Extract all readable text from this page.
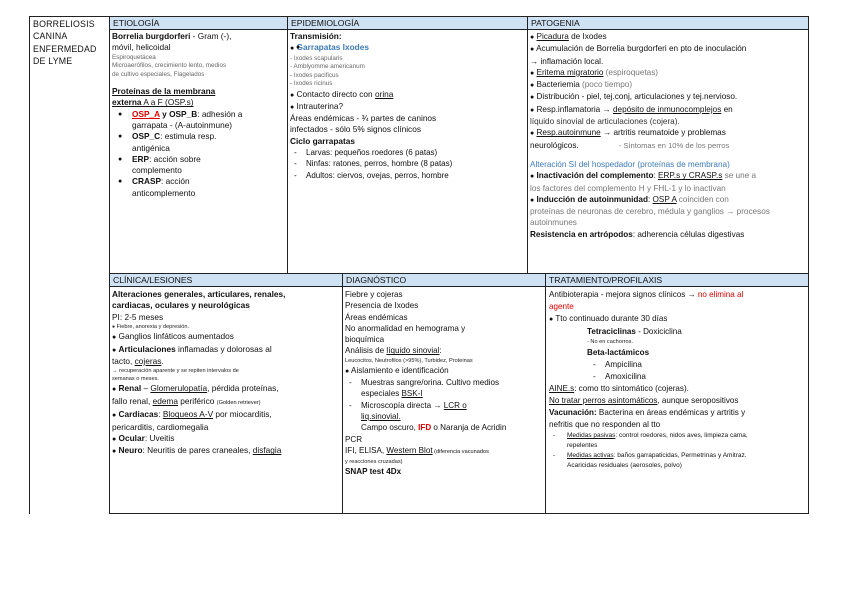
BORRELIOSIS
CANINA
ENFERMEDAD
DE LYME
ETIOLOGÍA	EPIDEMIOLOGÍA	PATOGENIA
Borrelia burgdorferi - Gram (-),
móvil, helicoidal
Espiroquetácea
Microaeróﬁlos, crecimiento lento, medios
de cultivo especiales, Flagelados
Proteínas de la membrana
externa A a F (OSP.s)
● OSP_A y OSP_B: adhesión a
garrapata - (A-autoinmune)
● OSP_C: estimula resp.
antigénica
● ERP: acción sobre
complemento
● CRASP: acción
anticomplemento
Transmisión:
● ● Garrapatas Ixodes
- Ixodes scapularis
- Amblyomme americanum
- Ixodes pacificus
- Ixodes ricinus
● Contacto directo con orina
● Intrauterina?
Áreas endémicas - ¾ partes de caninos
infectados - sólo 5% signos clínicos
Ciclo garrapatas
- Larvas: pequeños roedores (6 patas)
- Ninfas: ratones, perros, hombre (8 patas)
- Adultos: ciervos, ovejas, perros, hombre
● Picadura de Ixodes
● Acumulación de Borrelia burgdorferi en pto de inoculación
→ inflamación local.
● Eritema migratorio (espiroquetas)
● Bacteriemia (poco tiempo)
● Distribución - piel, tej.conj, articulaciones y tej.nervioso.
● Resp.inflamatoria → depósito de inmunocomplejos en
líquido sinovial de articulaciones (cojera).
● Resp.autoinmune → artritis reumatoide y problemas
neurológicos.	- Síntomas en 10% de los perros
Alteración SI del hospedador (proteínas de membrana)
● Inactivación del complemento: ERP.s y CRASP.s se une a
los factores del complemento H y FHL-1 y lo inactivan
● Inducción de autoinmunidad: OSP A coinciden con
proteínas de neuronas de cerebro, médula y ganglios → procesos
autoinmunes
Resistencia en artrópodos: adherencia células digestivas
CLÍNICA/LESIONES	DIAGNÓSTICO	TRATAMIENTO/PROFILAXIS
Alteraciones generales, articulares, renales,
cardiacas, oculares y neurológicas
PI: 2-5 meses
● Fiebre, anorexia y depresión.
● Ganglios linfáticos aumentados
● Articulaciones inflamadas y dolorosas al
tacto, cojeras.
→ recuperación aparente y se repiten intervalos de
semanas o meses.
● Renal – Glomerulopatía, pérdida proteínas,
fallo renal, edema periférico (Golden retriever)
● Cardiacas: Bloqueos A-V por miocarditis,
pericarditis, cardiomegalia
● Ocular: Uveitis
● Neuro: Neuritis de pares craneales, disfagia
Fiebre y cojeras
Presencia de Ixodes
Áreas endémicas
No anormalidad en hemograma y
bioquímica
Análisis de líquido sinovial:
Leucocitos, Neutrofilos (>95%), Turbidez, Proteinas
● Aislamiento e identificación
- Muestras sangre/orina. Cultivo medios
especiales BSK-I
- Microscopía directa → LCR o
liq.sinovial.
Campo oscuro, IFD o Naranja de Acridin
PCR
IFI, ELISA, Western Blot (diferencia vacunados
y reacciones cruzadas)
SNAP test 4Dx
Antibioterapia - mejora signos clínicos → no elimina al
agente
● Tto continuado durante 30 días
Tetraciclinas - Doxiciclina
- No en cachorros.
Beta-lactámicos
- Ampicilina
- Amoxicilina
AINE.s: como tto sintomático (cojeras).
No tratar perros asintomáticos, aunque seropositivos
Vacunación: Bacterina en áreas endémicas y artritis y
nefritis que no responden al tto
- Medidas pasivas: control roedores, nidos aves, limpieza cama,
repelentes
- Medidas activas: baños garrapaticidas, Permetrinas y Amitraz.
Acaricidas residuales (aerosoles, polvo)
